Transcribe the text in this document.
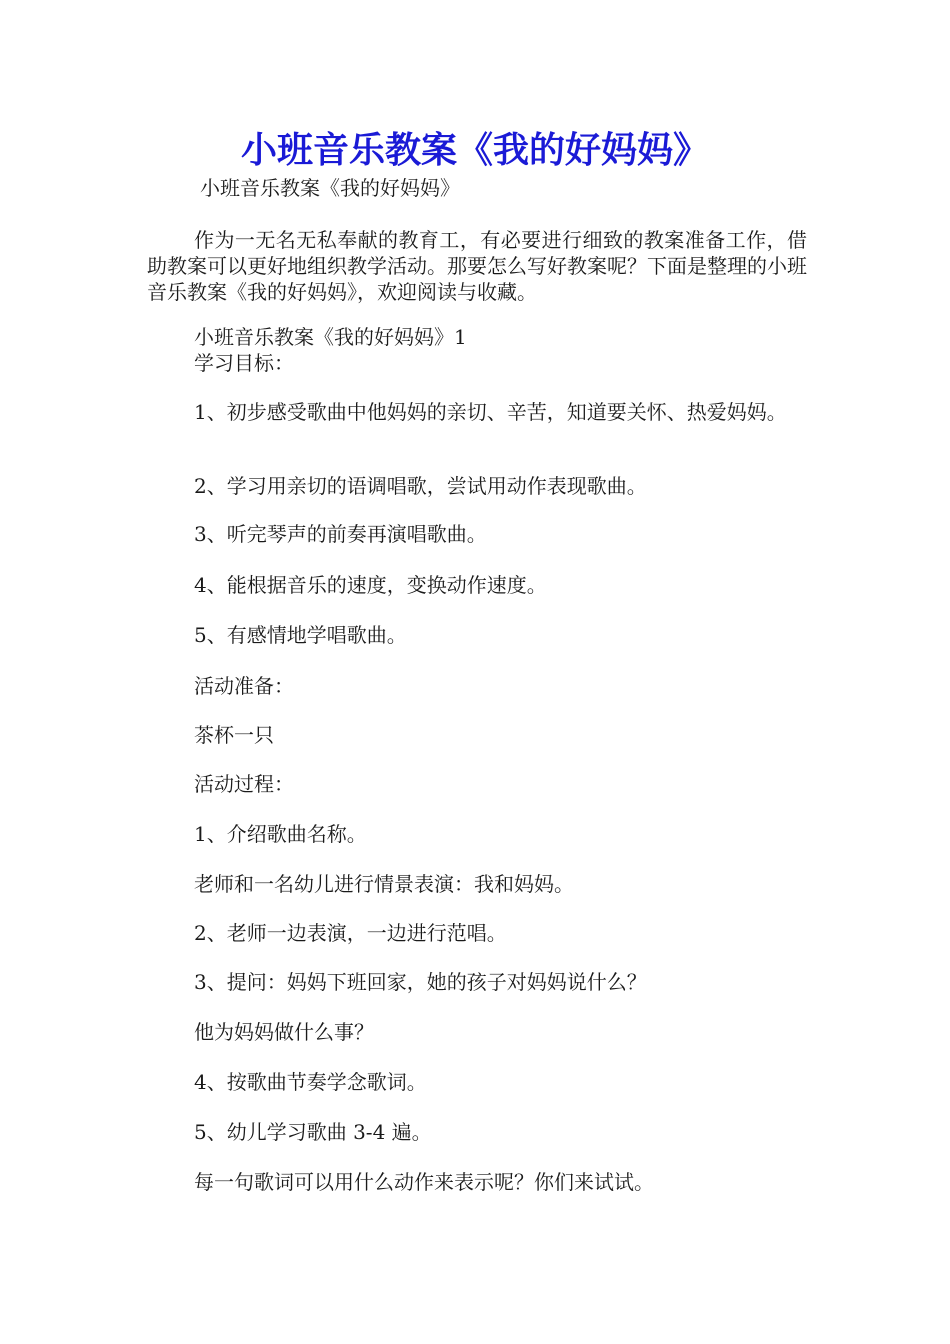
小班音乐教案《我的好妈妈》

小班音乐教案《我的好妈妈》

作为一无名无私奉献的教育工，有必要进行细致的教案准备工作，借助教案可以更好地组织教学活动。那要怎么写好教案呢？下面是整理的小班音乐教案《我的好妈妈》，欢迎阅读与收藏。

小班音乐教案《我的好妈妈》1

学习目标：

1、初步感受歌曲中他妈妈的亲切、辛苦，知道要关怀、热爱妈妈。

2、学习用亲切的语调唱歌，尝试用动作表现歌曲。

3、听完琴声的前奏再演唱歌曲。

4、能根据音乐的速度，变换动作速度。

5、有感情地学唱歌曲。

活动准备：

茶杯一只

活动过程：

1、介绍歌曲名称。

老师和一名幼儿进行情景表演：我和妈妈。

2、老师一边表演，一边进行范唱。

3、提问：妈妈下班回家，她的孩子对妈妈说什么？

他为妈妈做什么事？

4、按歌曲节奏学念歌词。

5、幼儿学习歌曲 3-4 遍。

每一句歌词可以用什么动作来表示呢？你们来试试。
